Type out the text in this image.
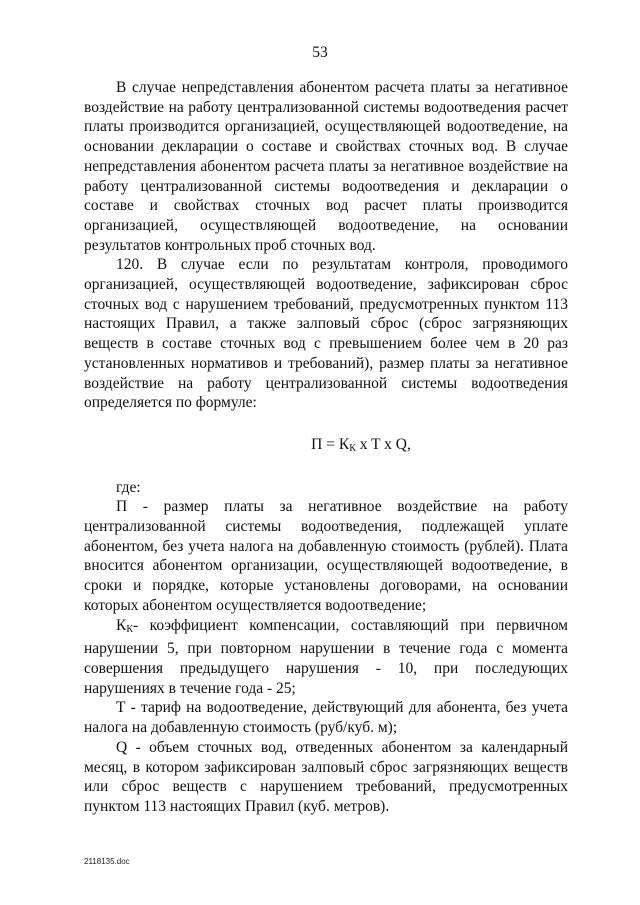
53

В случае непредставления абонентом расчета платы за негативное воздействие на работу централизованной системы водоотведения расчет платы производится организацией, осуществляющей водоотведение, на основании декларации о составе и свойствах сточных вод. В случае непредставления абонентом расчета платы за негативное воздействие на работу централизованной системы водоотведения и декларации о составе и свойствах сточных вод расчет платы производится организацией, осуществляющей водоотведение, на основании результатов контрольных проб сточных вод.

120. В случае если по результатам контроля, проводимого организацией, осуществляющей водоотведение, зафиксирован сброс сточных вод с нарушением требований, предусмотренных пунктом 113 настоящих Правил, а также залповый сброс (сброс загрязняющих веществ в составе сточных вод с превышением более чем в 20 раз установленных нормативов и требований), размер платы за негативное воздействие на работу централизованной системы водоотведения определяется по формуле:

$П = К_К$ x T x Q,

где:

П - размер платы за негативное воздействие на работу централизованной системы водоотведения, подлежащей уплате абонентом, без учета налога на добавленную стоимость (рублей). Плата вносится абонентом организации, осуществляющей водоотведение, в сроки и порядке, которые установлены договорами, на основании которых абонентом осуществляется водоотведение;

$К_К-$ коэффициент компенсации, составляющий при первичном нарушении 5, при повторном нарушении в течение года с момента совершения предыдущего нарушения - 10, при последующих нарушениях в течение года - 25;

Т - тариф на водоотведение, действующий для абонента, без учета налога на добавленную стоимость (руб/куб. м);

Q - объем сточных вод, отведенных абонентом за календарный месяц, в котором зафиксирован залповый сброс загрязняющих веществ или сброс веществ с нарушением требований, предусмотренных пунктом 113 настоящих Правил (куб. метров).

2118135.doc
